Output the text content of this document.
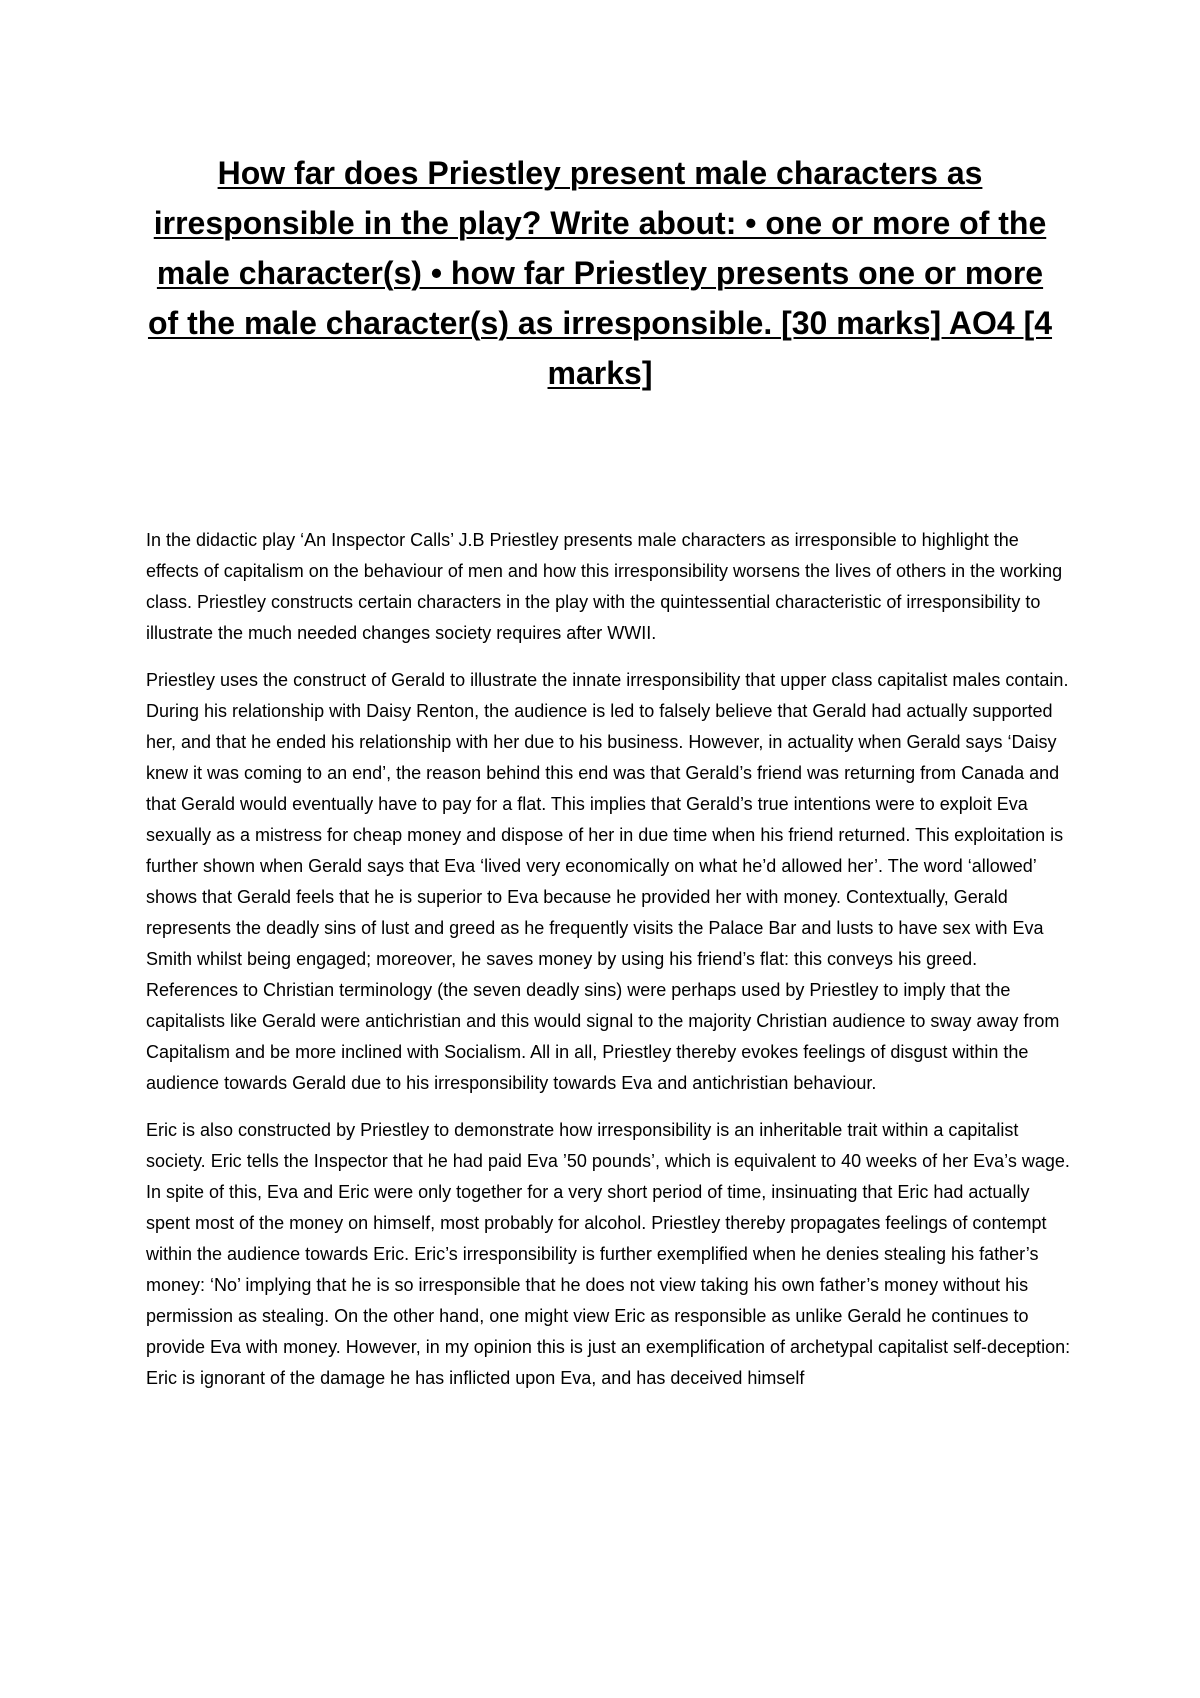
How far does Priestley present male characters as irresponsible in the play? Write about: • one or more of the male character(s) • how far Priestley presents one or more of the male character(s) as irresponsible. [30 marks] AO4 [4 marks]

In the didactic play ‘An Inspector Calls’ J.B Priestley presents male characters as irresponsible to highlight the effects of capitalism on the behaviour of men and how this irresponsibility worsens the lives of others in the working class. Priestley constructs certain characters in the play with the quintessential characteristic of irresponsibility to illustrate the much needed changes society requires after WWII.

Priestley uses the construct of Gerald to illustrate the innate irresponsibility that upper class capitalist males contain. During his relationship with Daisy Renton, the audience is led to falsely believe that Gerald had actually supported her, and that he ended his relationship with her due to his business. However, in actuality when Gerald says ‘Daisy knew it was coming to an end’, the reason behind this end was that Gerald’s friend was returning from Canada and that Gerald would eventually have to pay for a flat. This implies that Gerald’s true intentions were to exploit Eva sexually as a mistress for cheap money and dispose of her in due time when his friend returned. This exploitation is further shown when Gerald says that Eva ‘lived very economically on what he’d allowed her’. The word ‘allowed’ shows that Gerald feels that he is superior to Eva because he provided her with money. Contextually, Gerald represents the deadly sins of lust and greed as he frequently visits the Palace Bar and lusts to have sex with Eva Smith whilst being engaged; moreover, he saves money by using his friend’s flat: this conveys his greed. References to Christian terminology (the seven deadly sins) were perhaps used by Priestley to imply that the capitalists like Gerald were antichristian and this would signal to the majority Christian audience to sway away from Capitalism and be more inclined with Socialism. All in all, Priestley thereby evokes feelings of disgust within the audience towards Gerald due to his irresponsibility towards Eva and antichristian behaviour.

Eric is also constructed by Priestley to demonstrate how irresponsibility is an inheritable trait within a capitalist society. Eric tells the Inspector that he had paid Eva ’50 pounds’, which is equivalent to 40 weeks of her Eva’s wage. In spite of this, Eva and Eric were only together for a very short period of time, insinuating that Eric had actually spent most of the money on himself, most probably for alcohol. Priestley thereby propagates feelings of contempt within the audience towards Eric. Eric’s irresponsibility is further exemplified when he denies stealing his father’s money: ‘No’ implying that he is so irresponsible that he does not view taking his own father’s money without his permission as stealing. On the other hand, one might view Eric as responsible as unlike Gerald he continues to provide Eva with money. However, in my opinion this is just an exemplification of archetypal capitalist self-deception: Eric is ignorant of the damage he has inflicted upon Eva, and has deceived himself
